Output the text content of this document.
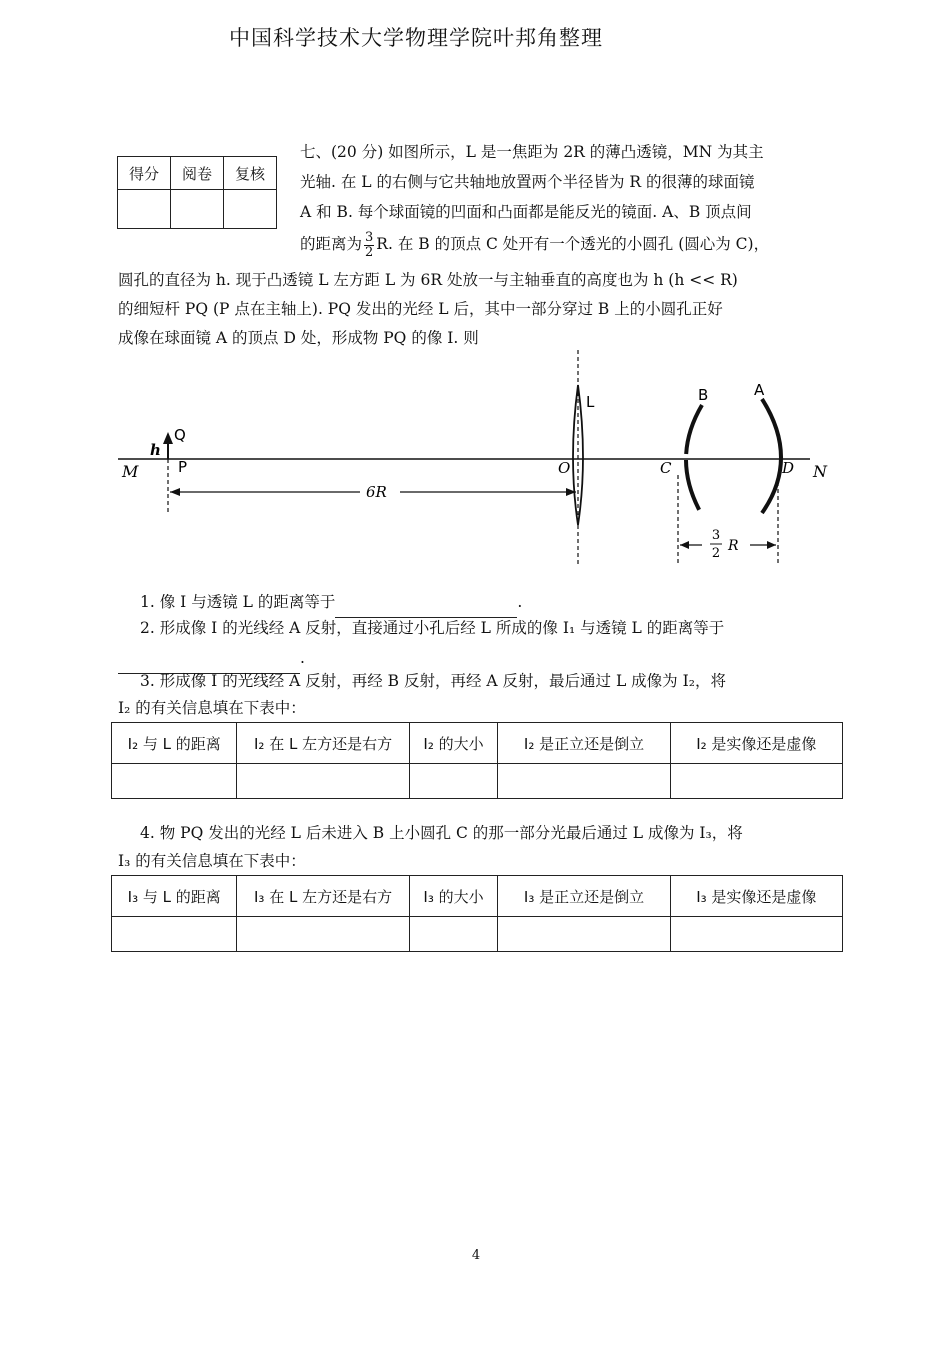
中国科学技术大学物理学院叶邦角整理
得分	阅卷	复核

七、(20 分) 如图所示，L 是一焦距为 2R 的薄凸透镜，MN 为其主
光轴. 在 L 的右侧与它共轴地放置两个半径皆为 R 的很薄的球面镜
A 和 B. 每个球面镜的凹面和凸面都是能反光的镜面. A、B 顶点间
的距离为 $\frac{3}{2} R$. 在 B 的顶点 C 处开有一个透光的小圆孔 (圆心为 C)，
圆孔的直径为 h. 现于凸透镜 L 左方距 L 为 6R 处放一与主轴垂直的高度也为 h (h << R)
的细短杆 PQ (P 点在主轴上). PQ 发出的光经 L 后，其中一部分穿过 B 上的小圆孔正好
成像在球面镜 A 的顶点 D 处，形成物 PQ 的像 I. 则
M	N
Q
h
P
L
O
6R
B
C
A
D
3
2 R
1. 像 I 与透镜 L 的距离等于	.
2. 形成像 I 的光线经 A 反射，直接通过小孔后经 L 所成的像 I₁ 与透镜 L 的距离等于
.
3. 形成像 I 的光线经 A 反射，再经 B 反射，再经 A 反射，最后通过 L 成像为 I₂，将
I₂ 的有关信息填在下表中：
I₂ 与 L 的距离	I₂ 在 L 左方还是右方	I₂ 的大小	I₂ 是正立还是倒立	I₂ 是实像还是虚像

4. 物 PQ 发出的光经 L 后未进入 B 上小圆孔 C 的那一部分光最后通过 L 成像为 I₃，将
I₃ 的有关信息填在下表中：
I₃ 与 L 的距离	I₃ 在 L 左方还是右方	I₃ 的大小	I₃ 是正立还是倒立	I₃ 是实像还是虚像

4
